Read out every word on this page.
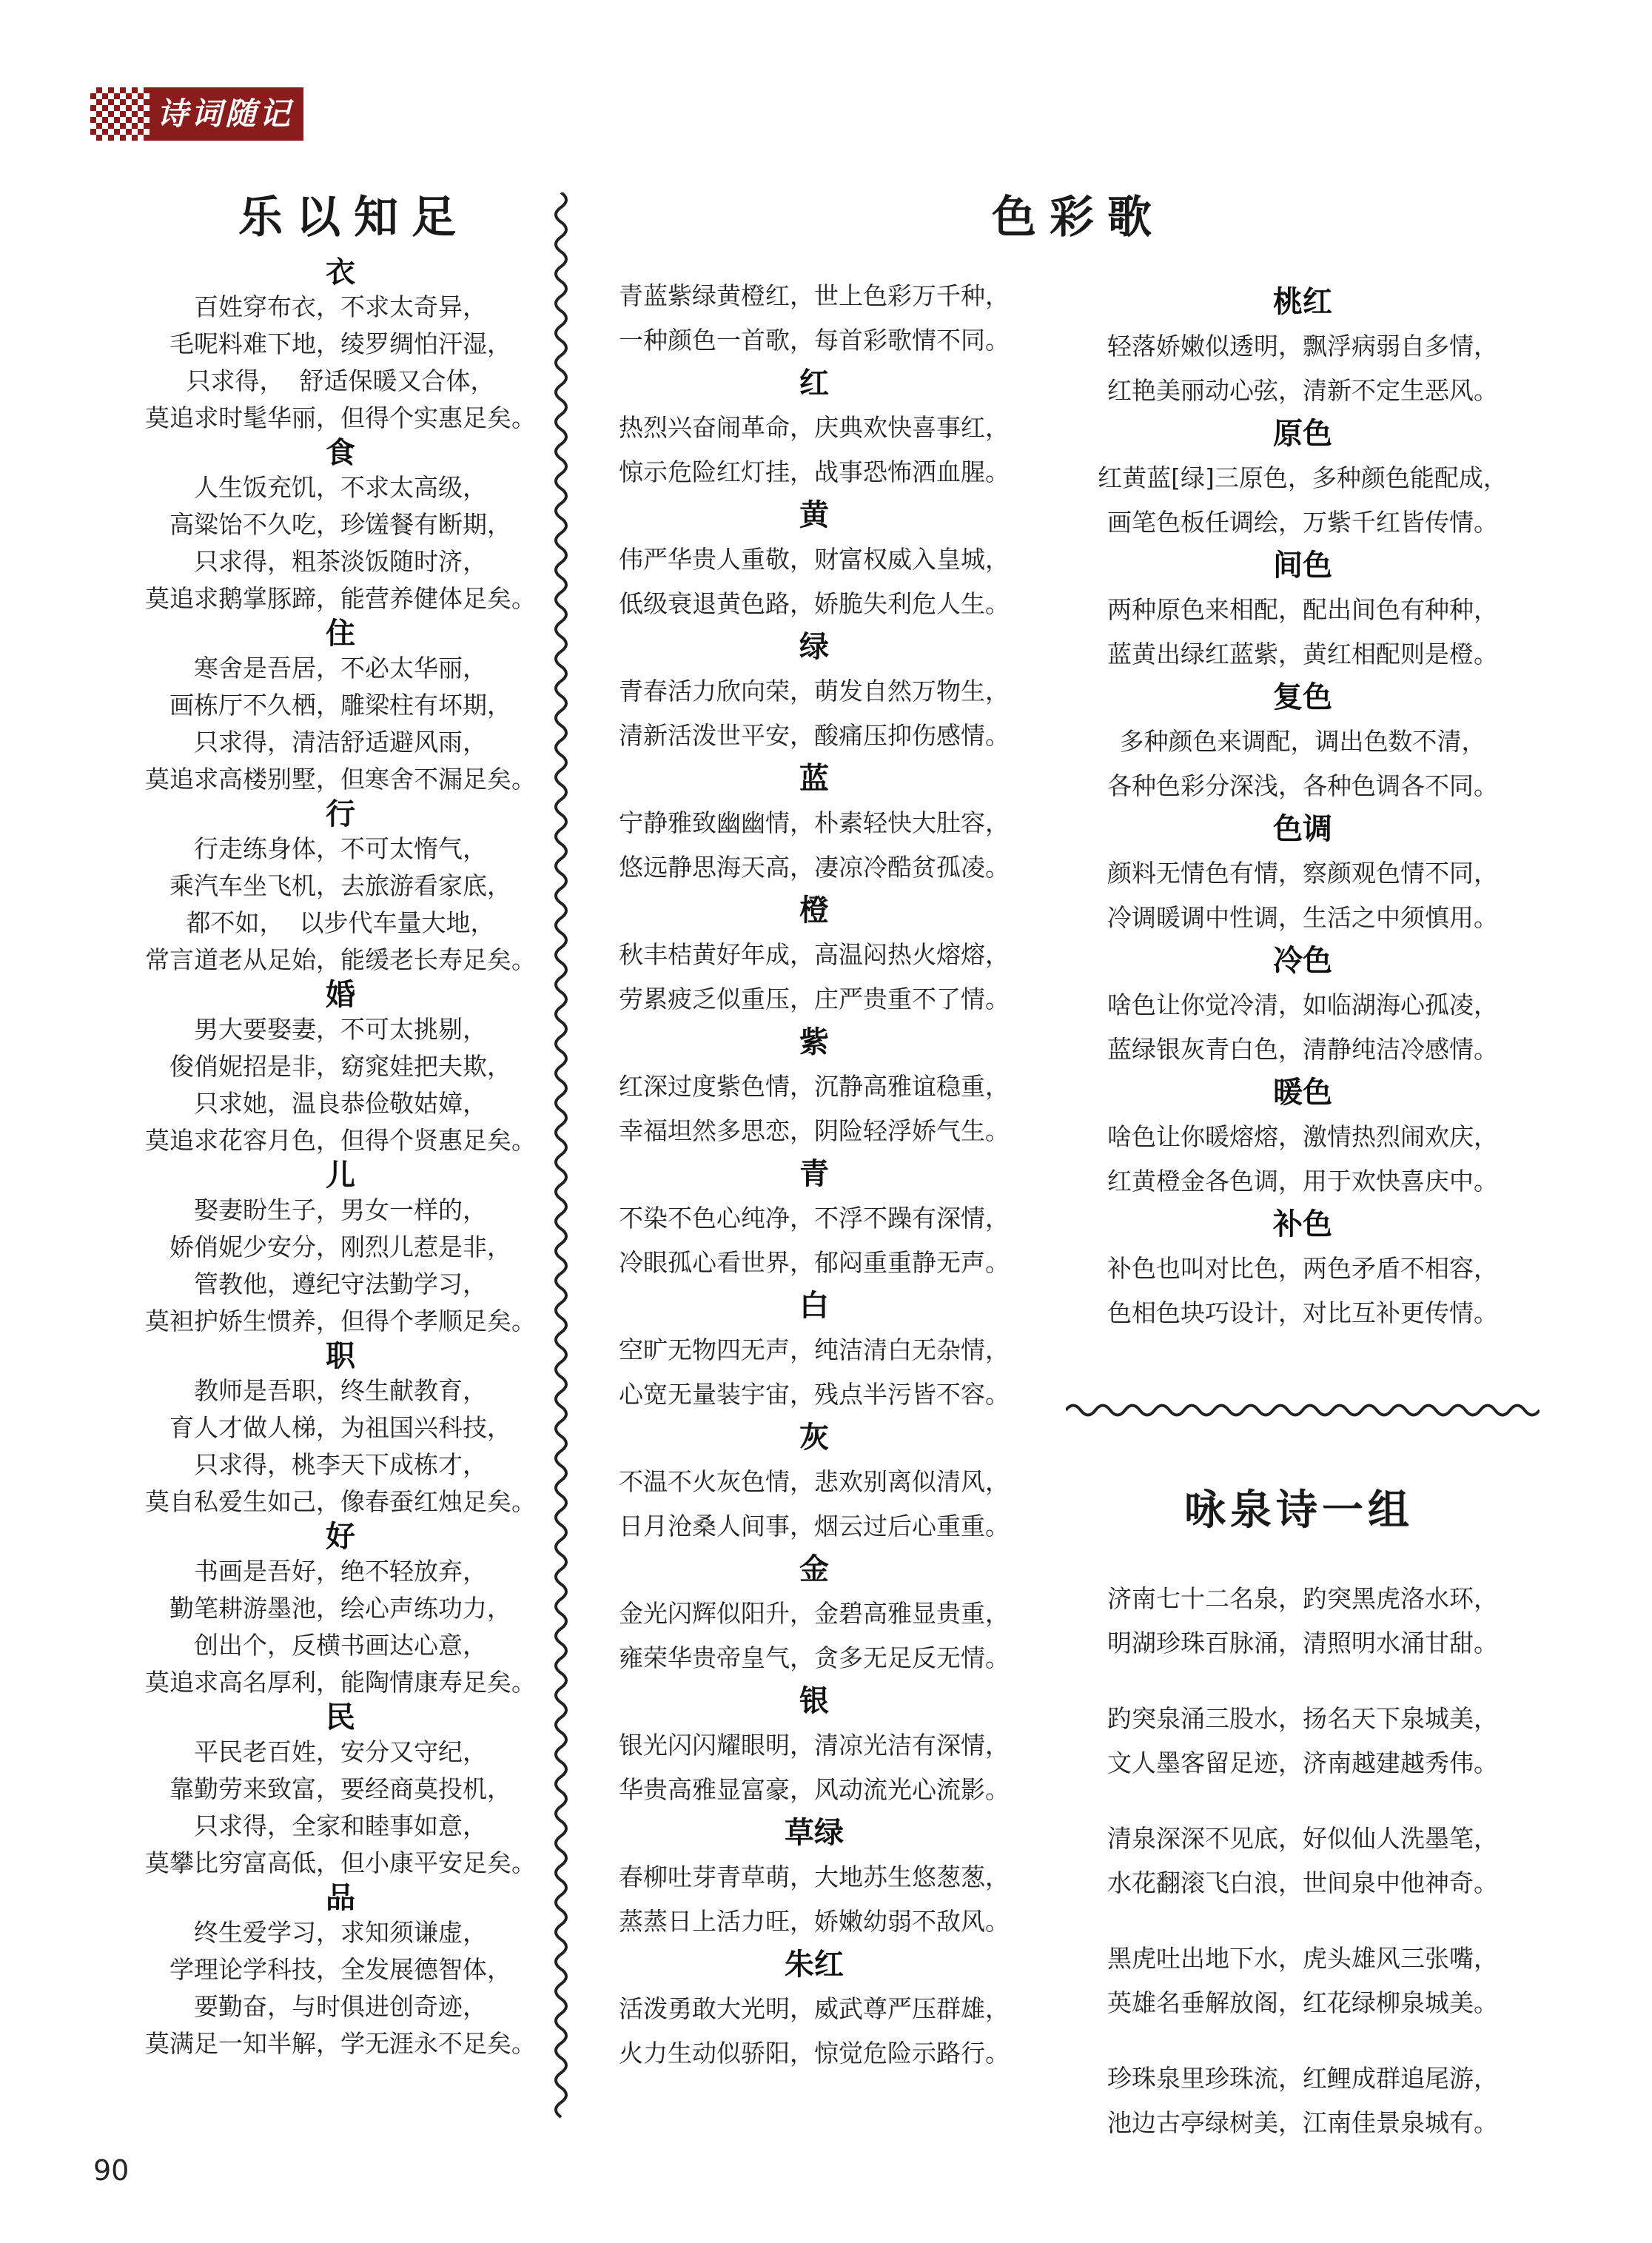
诗词随记
乐以知足
衣
百姓穿布衣，不求太奇异，
毛呢料难下地，绫罗绸怕汗湿，
只求得，  舒适保暖又合体，
莫追求时髦华丽，但得个实惠足矣。
食
人生饭充饥，不求太高级，
高粱饴不久吃，珍馐餐有断期，
只求得，粗茶淡饭随时济，
莫追求鹅掌豚蹄，能营养健体足矣。
住
寒舍是吾居，不必太华丽，
画栋厅不久栖，雕梁柱有坏期，
只求得，清洁舒适避风雨，
莫追求高楼别墅，但寒舍不漏足矣。
行
行走练身体，不可太惰气，
乘汽车坐飞机，去旅游看家底，
都不如，  以步代车量大地，
常言道老从足始，能缓老长寿足矣。
婚
男大要娶妻，不可太挑剔，
俊俏妮招是非，窈窕娃把夫欺，
只求她，温良恭俭敬姑嫜，
莫追求花容月色，但得个贤惠足矣。
儿
娶妻盼生子，男女一样的，
娇俏妮少安分，刚烈儿惹是非，
管教他，遵纪守法勤学习，
莫袒护娇生惯养，但得个孝顺足矣。
职
教师是吾职，终生献教育，
育人才做人梯，为祖国兴科技，
只求得，桃李天下成栋才，
莫自私爱生如己，像春蚕红烛足矣。
好
书画是吾好，绝不轻放弃，
勤笔耕游墨池，绘心声练功力，
创出个，反横书画达心意，
莫追求高名厚利，能陶情康寿足矣。
民
平民老百姓，安分又守纪，
靠勤劳来致富，要经商莫投机，
只求得，全家和睦事如意，
莫攀比穷富高低，但小康平安足矣。
品
终生爱学习，求知须谦虚，
学理论学科技，全发展德智体，
要勤奋，与时俱进创奇迹，
莫满足一知半解，学无涯永不足矣。
色彩歌
青蓝紫绿黄橙红，世上色彩万千种，
一种颜色一首歌，每首彩歌情不同。
红
热烈兴奋闹革命，庆典欢快喜事红，
惊示危险红灯挂，战事恐怖洒血腥。
黄
伟严华贵人重敬，财富权威入皇城，
低级衰退黄色路，娇脆失利危人生。
绿
青春活力欣向荣，萌发自然万物生，
清新活泼世平安，酸痛压抑伤感情。
蓝
宁静雅致幽幽情，朴素轻快大肚容，
悠远静思海天高，凄凉冷酷贫孤凌。
橙
秋丰桔黄好年成，高温闷热火熔熔，
劳累疲乏似重压，庄严贵重不了情。
紫
红深过度紫色情，沉静高雅谊稳重，
幸福坦然多思恋，阴险轻浮娇气生。
青
不染不色心纯净，不浮不躁有深情，
冷眼孤心看世界，郁闷重重静无声。
白
空旷无物四无声，纯洁清白无杂情，
心宽无量装宇宙，残点半污皆不容。
灰
不温不火灰色情，悲欢别离似清风，
日月沧桑人间事，烟云过后心重重。
金
金光闪辉似阳升，金碧高雅显贵重，
雍荣华贵帝皇气，贪多无足反无情。
银
银光闪闪耀眼明，清凉光洁有深情，
华贵高雅显富豪，风动流光心流影。
草绿
春柳吐芽青草萌，大地苏生悠葱葱，
蒸蒸日上活力旺，娇嫩幼弱不敌风。
朱红
活泼勇敢大光明，威武尊严压群雄，
火力生动似骄阳，惊觉危险示路行。
桃红
轻落娇嫩似透明，飘浮病弱自多情，
红艳美丽动心弦，清新不定生恶风。
原色
红黄蓝[绿]三原色，多种颜色能配成，
画笔色板任调绘，万紫千红皆传情。
间色
两种原色来相配，配出间色有种种，
蓝黄出绿红蓝紫，黄红相配则是橙。
复色
多种颜色来调配，调出色数不清，
各种色彩分深浅，各种色调各不同。
色调
颜料无情色有情，察颜观色情不同，
冷调暖调中性调，生活之中须慎用。
冷色
啥色让你觉冷清，如临湖海心孤凌，
蓝绿银灰青白色，清静纯洁冷感情。
暖色
啥色让你暖熔熔，激情热烈闹欢庆，
红黄橙金各色调，用于欢快喜庆中。
补色
补色也叫对比色，两色矛盾不相容，
色相色块巧设计，对比互补更传情。
咏泉诗一组
济南七十二名泉，趵突黑虎洛水环，
明湖珍珠百脉涌，清照明水涌甘甜。
趵突泉涌三股水，扬名天下泉城美，
文人墨客留足迹，济南越建越秀伟。
清泉深深不见底，好似仙人洗墨笔，
水花翻滚飞白浪，世间泉中他神奇。
黑虎吐出地下水，虎头雄风三张嘴，
英雄名垂解放阁，红花绿柳泉城美。
珍珠泉里珍珠流，红鲤成群追尾游，
池边古亭绿树美，江南佳景泉城有。
90
